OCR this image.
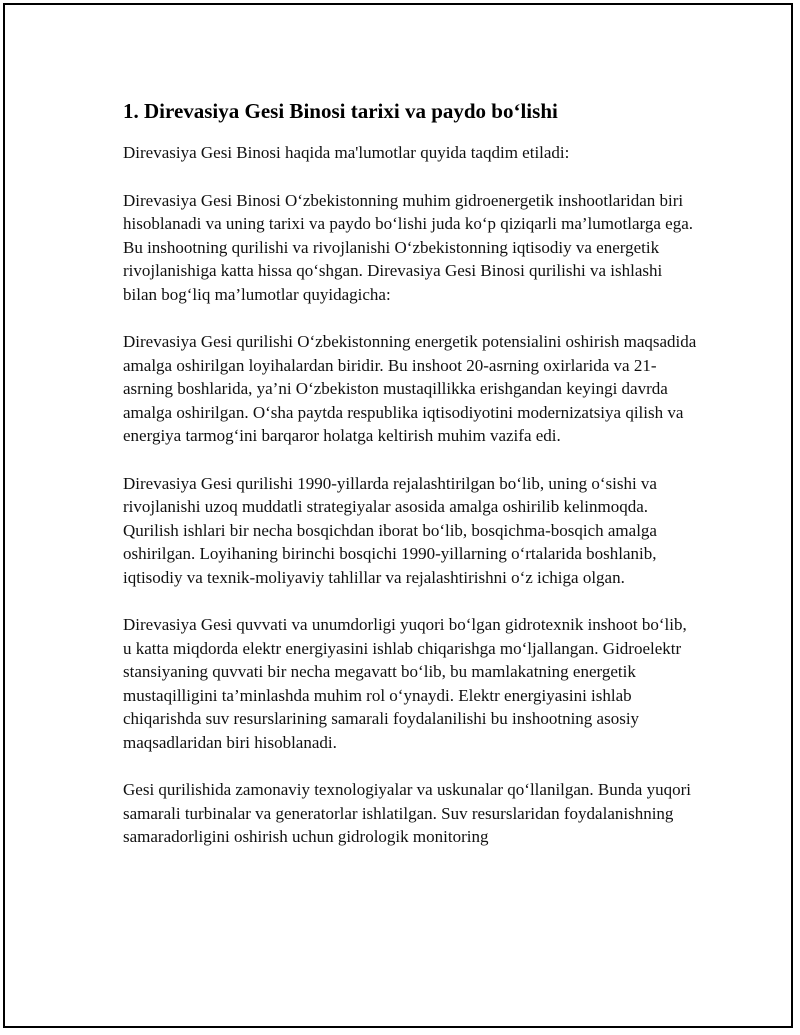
1. Direvasiya Gesi Binosi tarixi va paydo bo‘lishi

Direvasiya Gesi Binosi haqida ma'lumotlar quyida taqdim etiladi:

Direvasiya Gesi Binosi O‘zbekistonning muhim gidroenergetik inshootlaridan biri hisoblanadi va uning tarixi va paydo bo‘lishi juda ko‘p qiziqarli ma’lumotlarga ega. Bu inshootning qurilishi va rivojlanishi O‘zbekistonning iqtisodiy va energetik rivojlanishiga katta hissa qo‘shgan. Direvasiya Gesi Binosi qurilishi va ishlashi bilan bog‘liq ma’lumotlar quyidagicha:

Direvasiya Gesi qurilishi O‘zbekistonning energetik potensialini oshirish maqsadida amalga oshirilgan loyihalardan biridir. Bu inshoot 20-asrning oxirlarida va 21-asrning boshlarida, ya’ni O‘zbekiston mustaqillikka erishgandan keyingi davrda amalga oshirilgan. O‘sha paytda respublika iqtisodiyotini modernizatsiya qilish va energiya tarmog‘ini barqaror holatga keltirish muhim vazifa edi.

Direvasiya Gesi qurilishi 1990-yillarda rejalashtirilgan bo‘lib, uning o‘sishi va rivojlanishi uzoq muddatli strategiyalar asosida amalga oshirilib kelinmoqda. Qurilish ishlari bir necha bosqichdan iborat bo‘lib, bosqichma-bosqich amalga oshirilgan. Loyihaning birinchi bosqichi 1990-yillarning o‘rtalarida boshlanib, iqtisodiy va texnik-moliyaviy tahlillar va rejalashtirishni o‘z ichiga olgan.

Direvasiya Gesi quvvati va unumdorligi yuqori bo‘lgan gidrotexnik inshoot bo‘lib, u katta miqdorda elektr energiyasini ishlab chiqarishga mo‘ljallangan. Gidroelektr stansiyaning quvvati bir necha megavatt bo‘lib, bu mamlakatning energetik mustaqilligini ta’minlashda muhim rol o‘ynaydi. Elektr energiyasini ishlab chiqarishda suv resurslarining samarali foydalanilishi bu inshootning asosiy maqsadlaridan biri hisoblanadi.

Gesi qurilishida zamonaviy texnologiyalar va uskunalar qo‘llanilgan. Bunda yuqori samarali turbinalar va generatorlar ishlatilgan. Suv resurslaridan foydalanishning samaradorligini oshirish uchun gidrologik monitoring
